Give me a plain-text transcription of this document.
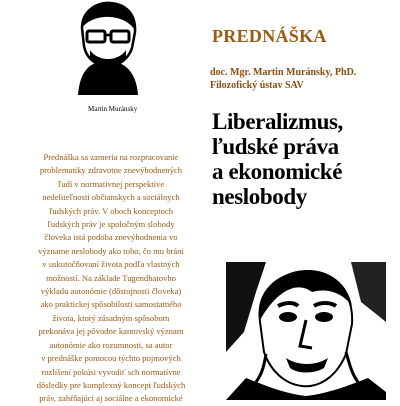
Martin Muránsky
PREDNÁŠKA
doc. Mgr. Martin Muránsky, PhD.
Filozofický ústav SAV
Liberalizmus,
ľudské práva
a ekonomické
neslobody

Prednáška sa zameria na rozpracovanie
problematiky zdravotne znevýhodnených
ľudí v normatívnej perspektíve
nedeliteľnosti občianskych a sociálnych
ľudských práv. V oboch konceptoch
ľudských práv je spoločným slobody
človeka istá podoba znevýhodnenia vo
význame neslobody ako toho, čo mu bráni
v uskutočňovaní života podľa vlastných
možností. Na základe Tugendhatovho
výkladu autonómie (dôstojnosti človeka)
ako praktickej spôsobilosti samostatného
života, ktorý zásadným spôsobom
prekonáva jej pôvodne kantovský význam
autonómie ako rozumnosti, sa autor
v prednáške pomocou týchto pojmových
rozlíšení pokúsi vyvodiť sch normatívne
dôsledky pre komplexný koncept ľudských
práv, zahŕňajúci aj sociálne a ekonomické
